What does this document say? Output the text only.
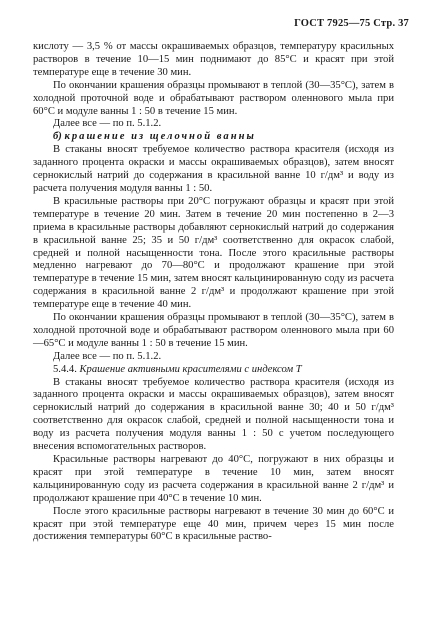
ГОСТ 7925—75 Стр. 37

кислоту — 3,5 % от массы окрашиваемых образцов, температуру красильных растворов в течение 10—15 мин поднимают до 85°С и красят при этой температуре еще в течение 30 мин.

По окончании крашения образцы промывают в теплой (30—35°С), затем в холодной проточной воде и обрабатывают раствором оленнового мыла при 60°С и модуле ванны 1 : 50 в течение 15 мин.

Далее все — по п. 5.1.2.

б) крашение из щелочной ванны

В стаканы вносят требуемое количество раствора красителя (исходя из заданного процента окраски и массы окрашиваемых образцов), затем вносят сернокислый натрий до содержания в красильной ванне 10 г/дм³ и воду из расчета получения модуля ванны 1 : 50.

В красильные растворы при 20°С погружают образцы и красят при этой температуре в течение 20 мин. Затем в течение 20 мин постепенно в 2—3 приема в красильные растворы добавляют сернокислый натрий до содержания в красильной ванне 25; 35 и 50 г/дм³ соответственно для окрасок слабой, средней и полной насыщенности тона. После этого красильные растворы медленно нагревают до 70—80°С и продолжают крашение при этой температуре в течение 15 мин, затем вносят кальцинированную соду из расчета содержания в красильной ванне 2 г/дм³ и продолжают крашение при этой температуре еще в течение 40 мин.

По окончании крашения образцы промывают в теплой (30—35°С), затем в холодной проточной воде и обрабатывают раствором оленнового мыла при 60—65°С и модуле ванны 1 : 50 в течение 15 мин.

Далее все — по п. 5.1.2.

5.4.4. Крашение активными красителями с индексом Т

В стаканы вносят требуемое количество раствора красителя (исходя из заданного процента окраски и массы окрашиваемых образцов), затем вносят сернокислый натрий до содержания в красильной ванне 30; 40 и 50 г/дм³ соответственно для окрасок слабой, средней и полной насыщенности тона и воду из расчета получения модуля ванны 1 : 50 с учетом последующего внесения вспомогательных растворов.

Красильные растворы нагревают до 40°С, погружают в них образцы и красят при этой температуре в течение 10 мин, затем вносят кальцинированную соду из расчета содержания в красильной ванне 2 г/дм³ и продолжают крашение при 40°С в течение 10 мин.

После этого красильные растворы нагревают в течение 30 мин до 60°С и красят при этой температуре еще 40 мин, причем через 15 мин после достижения температуры 60°С в красильные раство-
